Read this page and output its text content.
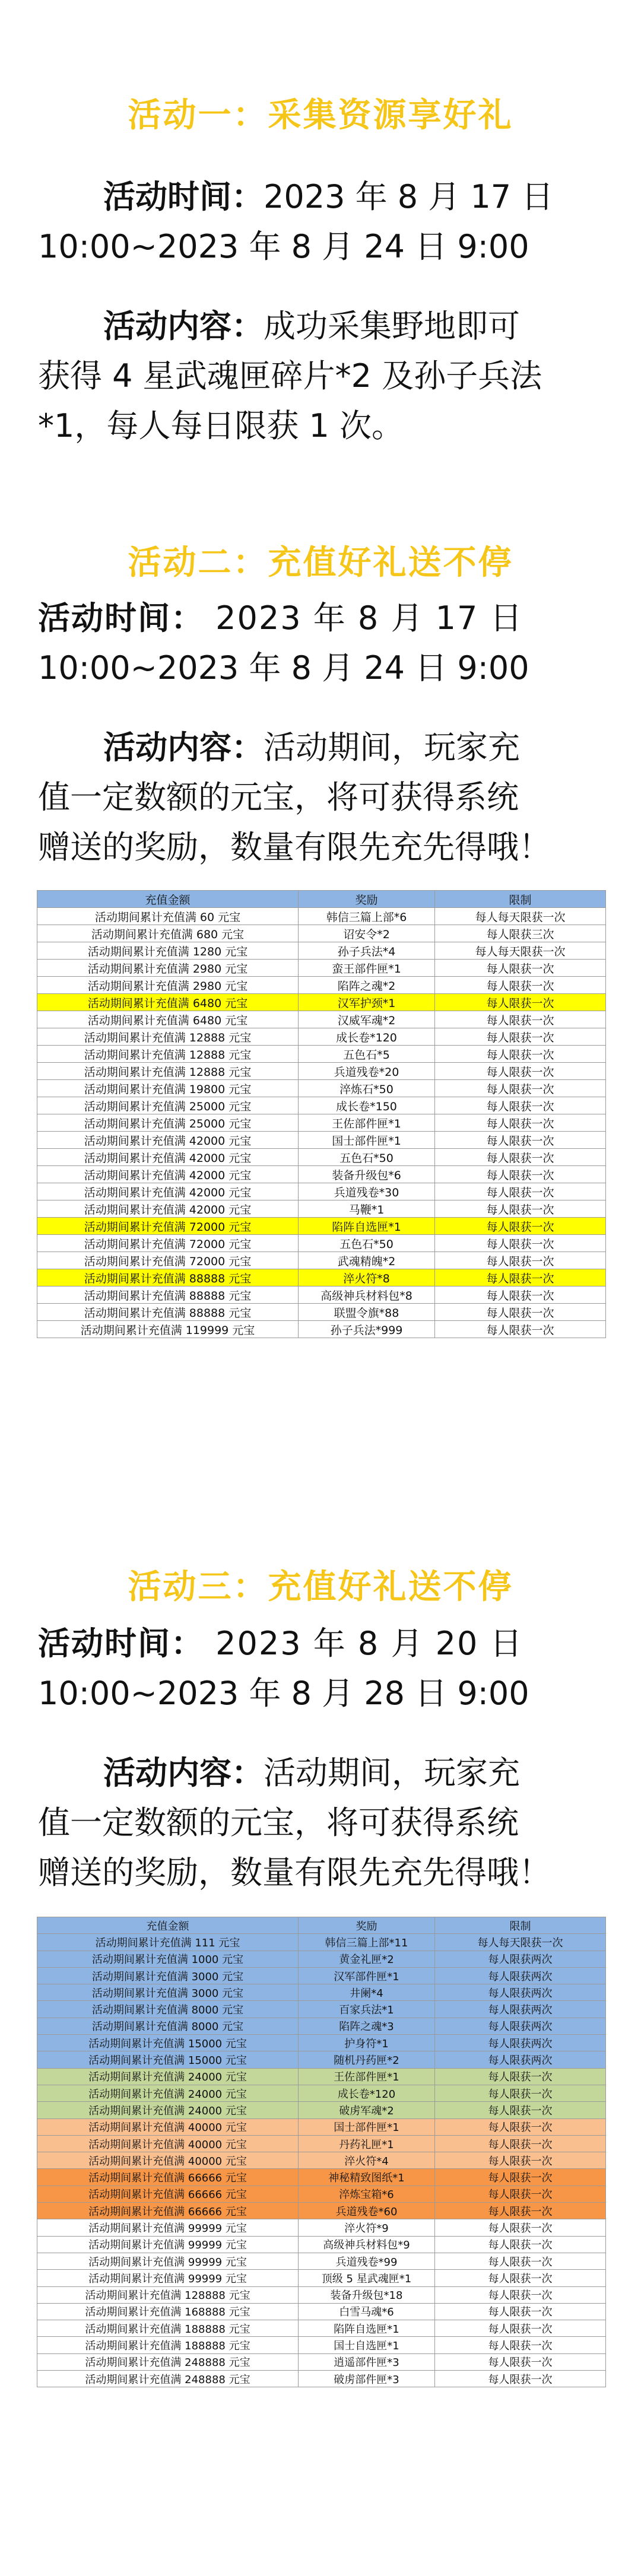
活动一：采集资源享好礼
活动时间：2023 年 8 月 17 日
10:00~2023 年 8 月 24 日 9:00
活动内容：成功采集野地即可
获得 4 星武魂匣碎片*2 及孙子兵法
*1，每人每日限获 1 次。
活动二：充值好礼送不停
活动时间： 2023 年 8 月 17 日
10:00~2023 年 8 月 24 日 9:00
活动内容：活动期间，玩家充
值一定数额的元宝，将可获得系统
赠送的奖励，数量有限先充先得哦！
充值金额	奖励	限制
活动期间累计充值满 60 元宝	韩信三篇上部*6	每人每天限获一次
活动期间累计充值满 680 元宝	诏安令*2	每人限获三次
活动期间累计充值满 1280 元宝	孙子兵法*4	每人每天限获一次
活动期间累计充值满 2980 元宝	蛮王部件匣*1	每人限获一次
活动期间累计充值满 2980 元宝	陷阵之魂*2	每人限获一次
活动期间累计充值满 6480 元宝	汉军护颈*1	每人限获一次
活动期间累计充值满 6480 元宝	汉威军魂*2	每人限获一次
活动期间累计充值满 12888 元宝	成长卷*120	每人限获一次
活动期间累计充值满 12888 元宝	五色石*5	每人限获一次
活动期间累计充值满 12888 元宝	兵道残卷*20	每人限获一次
活动期间累计充值满 19800 元宝	淬炼石*50	每人限获一次
活动期间累计充值满 25000 元宝	成长卷*150	每人限获一次
活动期间累计充值满 25000 元宝	王佐部件匣*1	每人限获一次
活动期间累计充值满 42000 元宝	国士部件匣*1	每人限获一次
活动期间累计充值满 42000 元宝	五色石*50	每人限获一次
活动期间累计充值满 42000 元宝	装备升级包*6	每人限获一次
活动期间累计充值满 42000 元宝	兵道残卷*30	每人限获一次
活动期间累计充值满 42000 元宝	马鞭*1	每人限获一次
活动期间累计充值满 72000 元宝	陷阵自选匣*1	每人限获一次
活动期间累计充值满 72000 元宝	五色石*50	每人限获一次
活动期间累计充值满 72000 元宝	武魂精魄*2	每人限获一次
活动期间累计充值满 88888 元宝	淬火符*8	每人限获一次
活动期间累计充值满 88888 元宝	高级神兵材料包*8	每人限获一次
活动期间累计充值满 88888 元宝	联盟令旗*88	每人限获一次
活动期间累计充值满 119999 元宝	孙子兵法*999	每人限获一次
活动三：充值好礼送不停
活动时间： 2023 年 8 月 20 日
10:00~2023 年 8 月 28 日 9:00
活动内容：活动期间，玩家充
值一定数额的元宝，将可获得系统
赠送的奖励，数量有限先充先得哦！
充值金额	奖励	限制
活动期间累计充值满 111 元宝	韩信三篇上部*11	每人每天限获一次
活动期间累计充值满 1000 元宝	黄金礼匣*2	每人限获两次
活动期间累计充值满 3000 元宝	汉军部件匣*1	每人限获两次
活动期间累计充值满 3000 元宝	井阑*4	每人限获两次
活动期间累计充值满 8000 元宝	百家兵法*1	每人限获两次
活动期间累计充值满 8000 元宝	陷阵之魂*3	每人限获两次
活动期间累计充值满 15000 元宝	护身符*1	每人限获两次
活动期间累计充值满 15000 元宝	随机丹药匣*2	每人限获两次
活动期间累计充值满 24000 元宝	王佐部件匣*1	每人限获一次
活动期间累计充值满 24000 元宝	成长卷*120	每人限获一次
活动期间累计充值满 24000 元宝	破虏军魂*2	每人限获一次
活动期间累计充值满 40000 元宝	国士部件匣*1	每人限获一次
活动期间累计充值满 40000 元宝	丹药礼匣*1	每人限获一次
活动期间累计充值满 40000 元宝	淬火符*4	每人限获一次
活动期间累计充值满 66666 元宝	神秘精致图纸*1	每人限获一次
活动期间累计充值满 66666 元宝	淬炼宝箱*6	每人限获一次
活动期间累计充值满 66666 元宝	兵道残卷*60	每人限获一次
活动期间累计充值满 99999 元宝	淬火符*9	每人限获一次
活动期间累计充值满 99999 元宝	高级神兵材料包*9	每人限获一次
活动期间累计充值满 99999 元宝	兵道残卷*99	每人限获一次
活动期间累计充值满 99999 元宝	顶级 5 星武魂匣*1	每人限获一次
活动期间累计充值满 128888 元宝	装备升级包*18	每人限获一次
活动期间累计充值满 168888 元宝	白雪马魂*6	每人限获一次
活动期间累计充值满 188888 元宝	陷阵自选匣*1	每人限获一次
活动期间累计充值满 188888 元宝	国士自选匣*1	每人限获一次
活动期间累计充值满 248888 元宝	逍遥部件匣*3	每人限获一次
活动期间累计充值满 248888 元宝	破虏部件匣*3	每人限获一次
